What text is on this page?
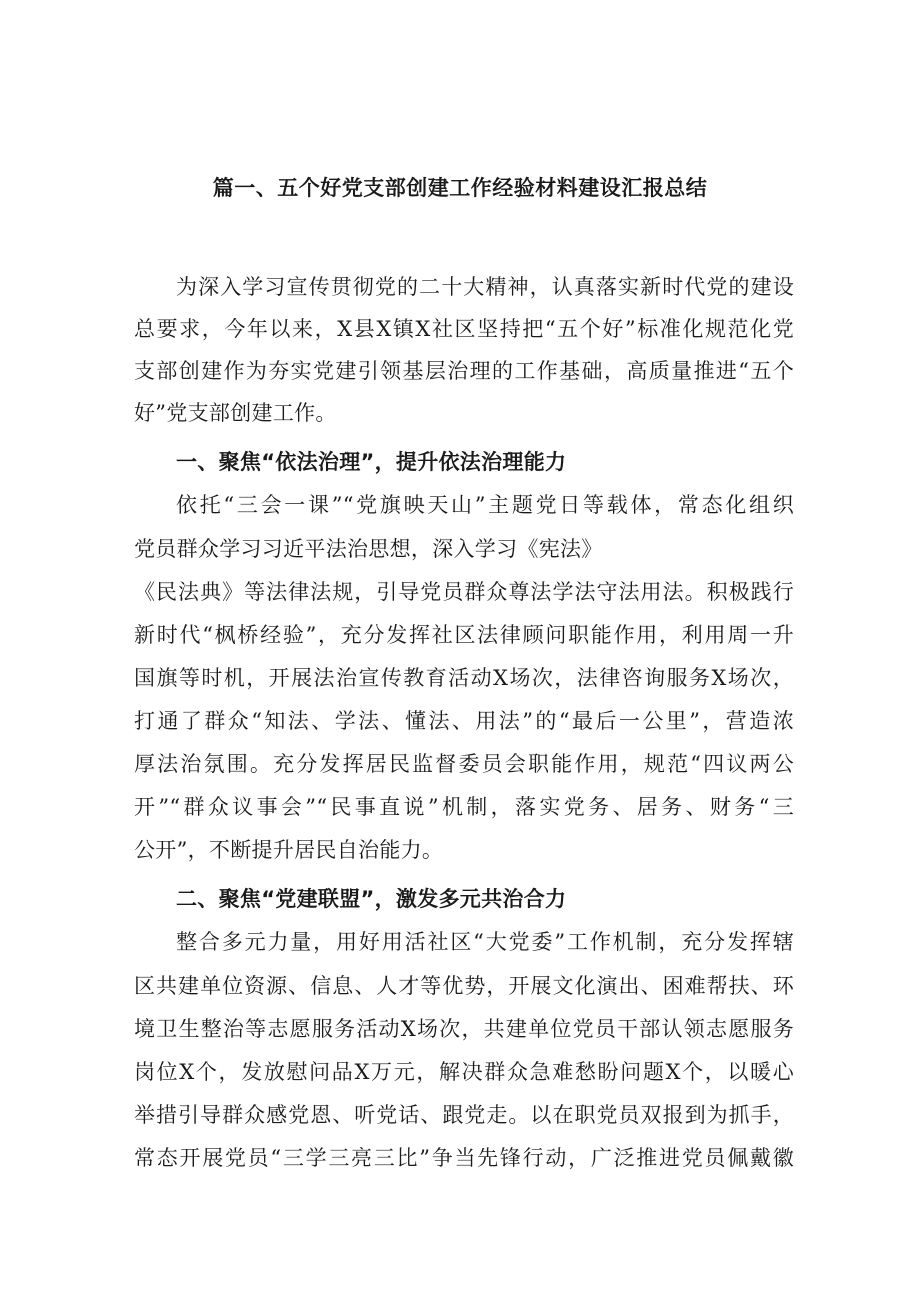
篇一、五个好党支部创建工作经验材料建设汇报总结

为深入学习宣传贯彻党的二十大精神，认真落实新时代党的建设

总要求，今年以来，X县X镇X社区坚持把“五个好”标准化规范化党

支部创建作为夯实党建引领基层治理的工作基础，高质量推进“五个

好”党支部创建工作。

一、聚焦“依法治理”，提升依法治理能力

依托“三会一课”“党旗映天山”主题党日等载体，常态化组织

党员群众学习习近平法治思想，深入学习《宪法》

《民法典》等法律法规，引导党员群众尊法学法守法用法。积极践行

新时代“枫桥经验”，充分发挥社区法律顾问职能作用，利用周一升

国旗等时机，开展法治宣传教育活动X场次，法律咨询服务X场次，

打通了群众“知法、学法、懂法、用法”的“最后一公里”，营造浓

厚法治氛围。充分发挥居民监督委员会职能作用，规范“四议两公

开”“群众议事会”“民事直说”机制，落实党务、居务、财务“三

公开”，不断提升居民自治能力。

二、聚焦“党建联盟”，激发多元共治合力

整合多元力量，用好用活社区“大党委”工作机制，充分发挥辖

区共建单位资源、信息、人才等优势，开展文化演出、困难帮扶、环

境卫生整治等志愿服务活动X场次，共建单位党员干部认领志愿服务

岗位X个，发放慰问品X万元，解决群众急难愁盼问题X个，以暖心

举措引导群众感党恩、听党话、跟党走。以在职党员双报到为抓手，

常态开展党员“三学三亮三比”争当先锋行动，广泛推进党员佩戴徽
